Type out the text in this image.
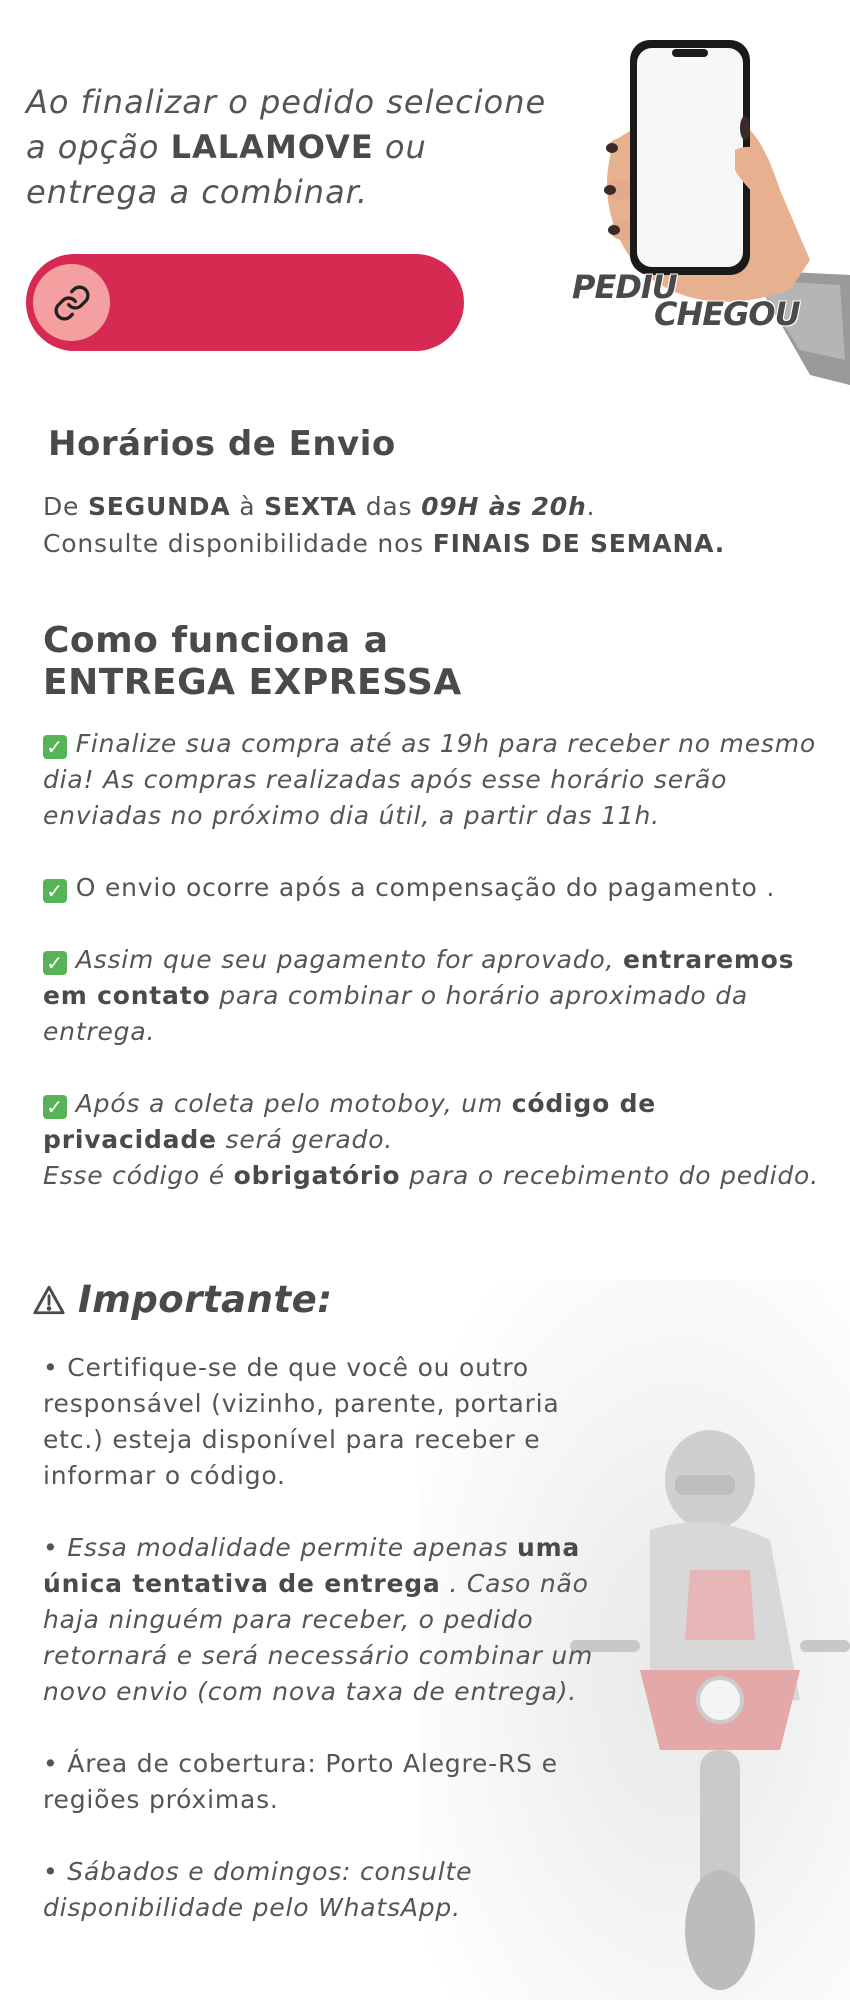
Ao finalizar o pedido selecione a opção LALAMOVE ou entrega a combinar.
PEDIU
CHEGOU
Horários de Envio
De SEGUNDA à SEXTA das 09H às 20h.
Consulte disponibilidade nos FINAIS DE SEMANA.
Como funciona a
ENTREGA EXPRESSA

✓ Finalize sua compra até as 19h para receber no mesmo dia! As compras realizadas após esse horário serão enviadas no próximo dia útil, a partir das 11h.

✓ O envio ocorre após a compensação do pagamento .

✓ Assim que seu pagamento for aprovado, entraremos em contato para combinar o horário aproximado da entrega.

✓ Após a coleta pelo motoboy, um código de privacidade será gerado.
Esse código é obrigatório para o recebimento do pedido.

Importante:

• Certifique-se de que você ou outro responsável (vizinho, parente, portaria etc.) esteja disponível para receber e informar o código.

• Essa modalidade permite apenas uma única tentativa de entrega . Caso não haja ninguém para receber, o pedido retornará e será necessário combinar um novo envio (com nova taxa de entrega).

• Área de cobertura: Porto Alegre-RS e regiões próximas.

• Sábados e domingos: consulte disponibilidade pelo WhatsApp.
